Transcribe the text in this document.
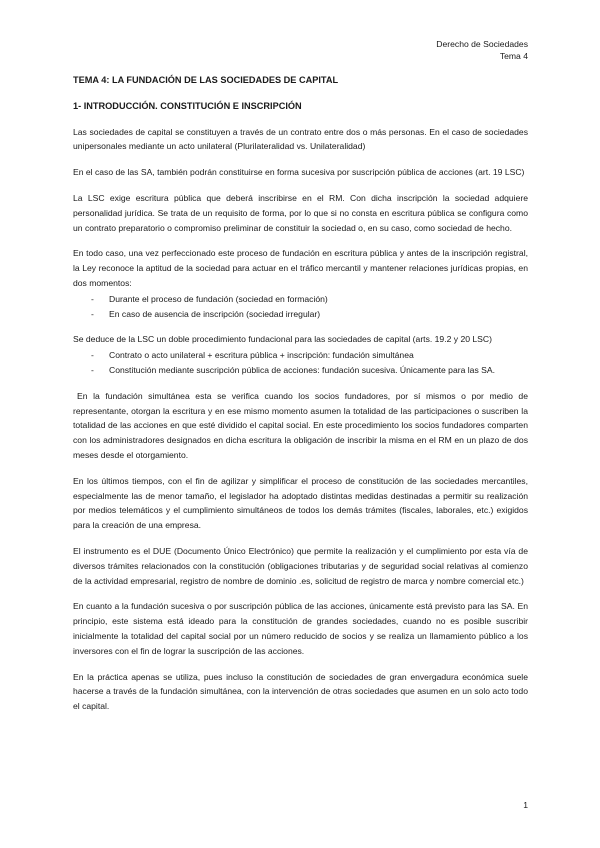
Derecho de Sociedades
Tema 4
TEMA 4: LA FUNDACIÓN DE LAS SOCIEDADES DE CAPITAL
1- INTRODUCCIÓN. CONSTITUCIÓN E INSCRIPCIÓN

Las sociedades de capital se constituyen a través de un contrato entre dos o más personas. En el caso de sociedades unipersonales mediante un acto unilateral (Plurilateralidad vs. Unilateralidad)

En el caso de las SA, también podrán constituirse en forma sucesiva por suscripción pública de acciones (art. 19 LSC)

La LSC exige escritura pública que deberá inscribirse en el RM. Con dicha inscripción la sociedad adquiere personalidad jurídica. Se trata de un requisito de forma, por lo que si no consta en escritura pública se configura como un contrato preparatorio o compromiso preliminar de constituir la sociedad o, en su caso, como sociedad de hecho.

En todo caso, una vez perfeccionado este proceso de fundación en escritura pública y antes de la inscripción registral, la Ley reconoce la aptitud de la sociedad para actuar en el tráfico mercantil y mantener relaciones jurídicas propias, en dos momentos:

- Durante el proceso de fundación (sociedad en formación)
- En caso de ausencia de inscripción (sociedad irregular)

Se deduce de la LSC un doble procedimiento fundacional para las sociedades de capital (arts. 19.2 y 20 LSC)

- Contrato o acto unilateral + escritura pública + inscripción: fundación simultánea
- Constitución mediante suscripción pública de acciones: fundación sucesiva. Únicamente para las SA.

En la fundación simultánea esta se verifica cuando los socios fundadores, por sí mismos o por medio de representante, otorgan la escritura y en ese mismo momento asumen la totalidad de las participaciones o suscriben la totalidad de las acciones en que esté dividido el capital social. En este procedimiento los socios fundadores comparten con los administradores designados en dicha escritura la obligación de inscribir la misma en el RM en un plazo de dos meses desde el otorgamiento.

En los últimos tiempos, con el fin de agilizar y simplificar el proceso de constitución de las sociedades mercantiles, especialmente las de menor tamaño, el legislador ha adoptado distintas medidas destinadas a permitir su realización por medios telemáticos y el cumplimiento simultáneos de todos los demás trámites (fiscales, laborales, etc.) exigidos para la creación de una empresa.

El instrumento es el DUE (Documento Único Electrónico) que permite la realización y el cumplimiento por esta vía de diversos trámites relacionados con la constitución (obligaciones tributarias y de seguridad social relativas al comienzo de la actividad empresarial, registro de nombre de dominio .es, solicitud de registro de marca y nombre comercial etc.)

En cuanto a la fundación sucesiva o por suscripción pública de las acciones, únicamente está previsto para las SA. En principio, este sistema está ideado para la constitución de grandes sociedades, cuando no es posible suscribir inicialmente la totalidad del capital social por un número reducido de socios y se realiza un llamamiento público a los inversores con el fin de lograr la suscripción de las acciones.

En la práctica apenas se utiliza, pues incluso la constitución de sociedades de gran envergadura económica suele hacerse a través de la fundación simultánea, con la intervención de otras sociedades que asumen en un solo acto todo el capital.

1
